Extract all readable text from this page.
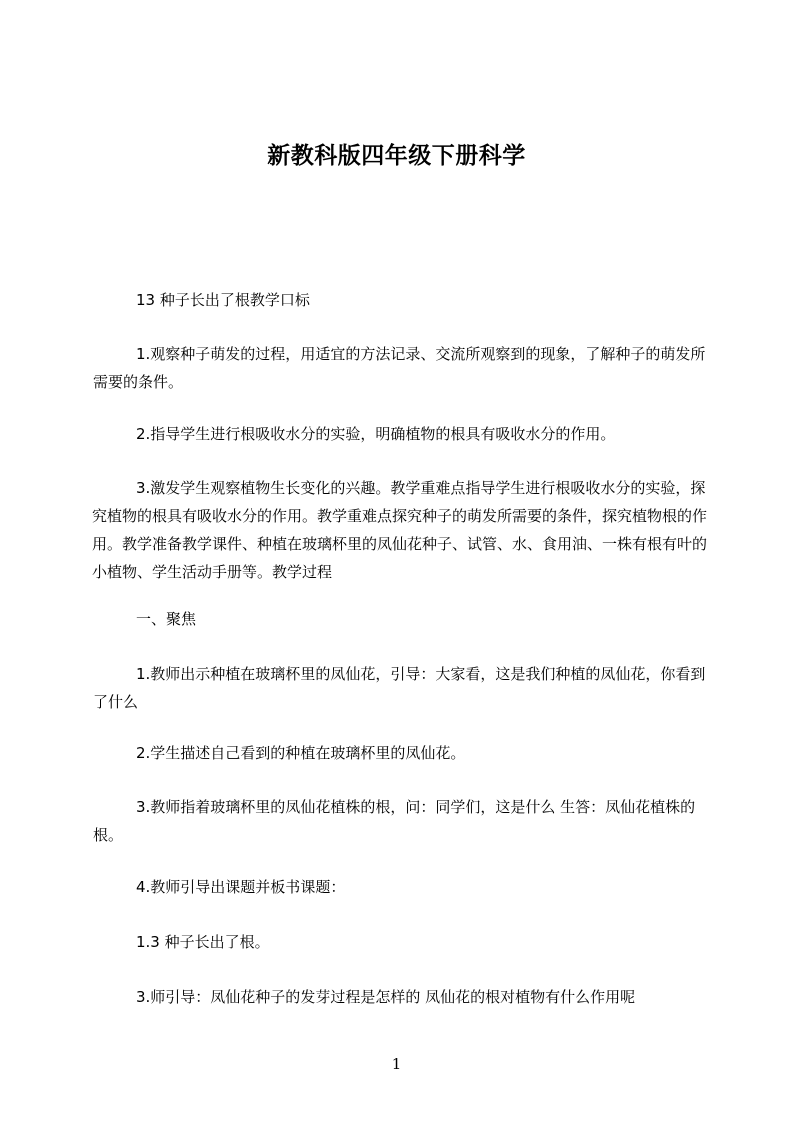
新教科版四年级下册科学

13 种子长出了根教学口标

1.观察种子萌发的过程，用适宜的方法记录、交流所观察到的现象，了解种子的萌发所需要的条件。

2.指导学生进行根吸收水分的实验，明确植物的根具有吸收水分的作用。

3.激发学生观察植物生长变化的兴趣。教学重难点指导学生进行根吸收水分的实验，探究植物的根具有吸收水分的作用。教学重难点探究种子的萌发所需要的条件，探究植物根的作用。教学准备教学课件、种植在玻璃杯里的凤仙花种子、试管、水、食用油、一株有根有叶的小植物、学生活动手册等。教学过程

一、聚焦

1.教师出示种植在玻璃杯里的凤仙花，引导：大家看，这是我们种植的凤仙花，你看到了什么

2.学生描述自己看到的种植在玻璃杯里的凤仙花。

3.教师指着玻璃杯里的凤仙花植株的根，问：同学们，这是什么 生答：凤仙花植株的根。

4.教师引导出课题并板书课题：

1.3 种子长出了根。

3.师引导：凤仙花种子的发芽过程是怎样的 凤仙花的根对植物有什么作用呢

1
